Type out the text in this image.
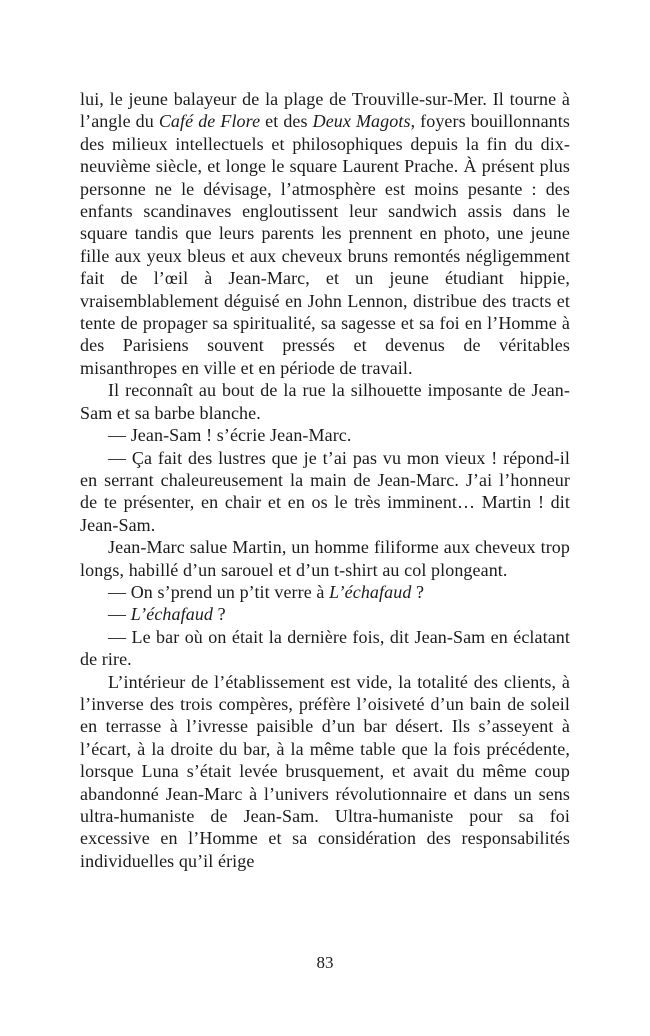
lui, le jeune balayeur de la plage de Trouville-sur-Mer. Il tourne à l’angle du Café de Flore et des Deux Magots, foyers bouillonnants des milieux intellectuels et philosophiques depuis la fin du dix-neuvième siècle, et longe le square Laurent Prache. À présent plus personne ne le dévisage, l’atmosphère est moins pesante : des enfants scandinaves engloutissent leur sandwich assis dans le square tandis que leurs parents les prennent en photo, une jeune fille aux yeux bleus et aux cheveux bruns remontés négligemment fait de l’œil à Jean-Marc, et un jeune étudiant hippie, vraisemblablement déguisé en John Lennon, distribue des tracts et tente de propager sa spiritualité, sa sagesse et sa foi en l’Homme à des Parisiens souvent pressés et devenus de véritables misanthropes en ville et en période de travail.

Il reconnaît au bout de la rue la silhouette imposante de Jean-Sam et sa barbe blanche.

— Jean-Sam ! s’écrie Jean-Marc.

— Ça fait des lustres que je t’ai pas vu mon vieux ! répond-il en serrant chaleureusement la main de Jean-Marc. J’ai l’honneur de te présenter, en chair et en os le très imminent… Martin ! dit Jean-Sam.

Jean-Marc salue Martin, un homme filiforme aux cheveux trop longs, habillé d’un sarouel et d’un t-shirt au col plongeant.

— On s’prend un p’tit verre à L’échafaud ?

— L’échafaud ?

— Le bar où on était la dernière fois, dit Jean-Sam en éclatant de rire.

L’intérieur de l’établissement est vide, la totalité des clients, à l’inverse des trois compères, préfère l’oisiveté d’un bain de soleil en terrasse à l’ivresse paisible d’un bar désert. Ils s’asseyent à l’écart, à la droite du bar, à la même table que la fois précédente, lorsque Luna s’était levée brusquement, et avait du même coup abandonné Jean-Marc à l’univers révolutionnaire et dans un sens ultra-humaniste de Jean-Sam. Ultra-humaniste pour sa foi excessive en l’Homme et sa considération des responsabilités individuelles qu’il érige

83
